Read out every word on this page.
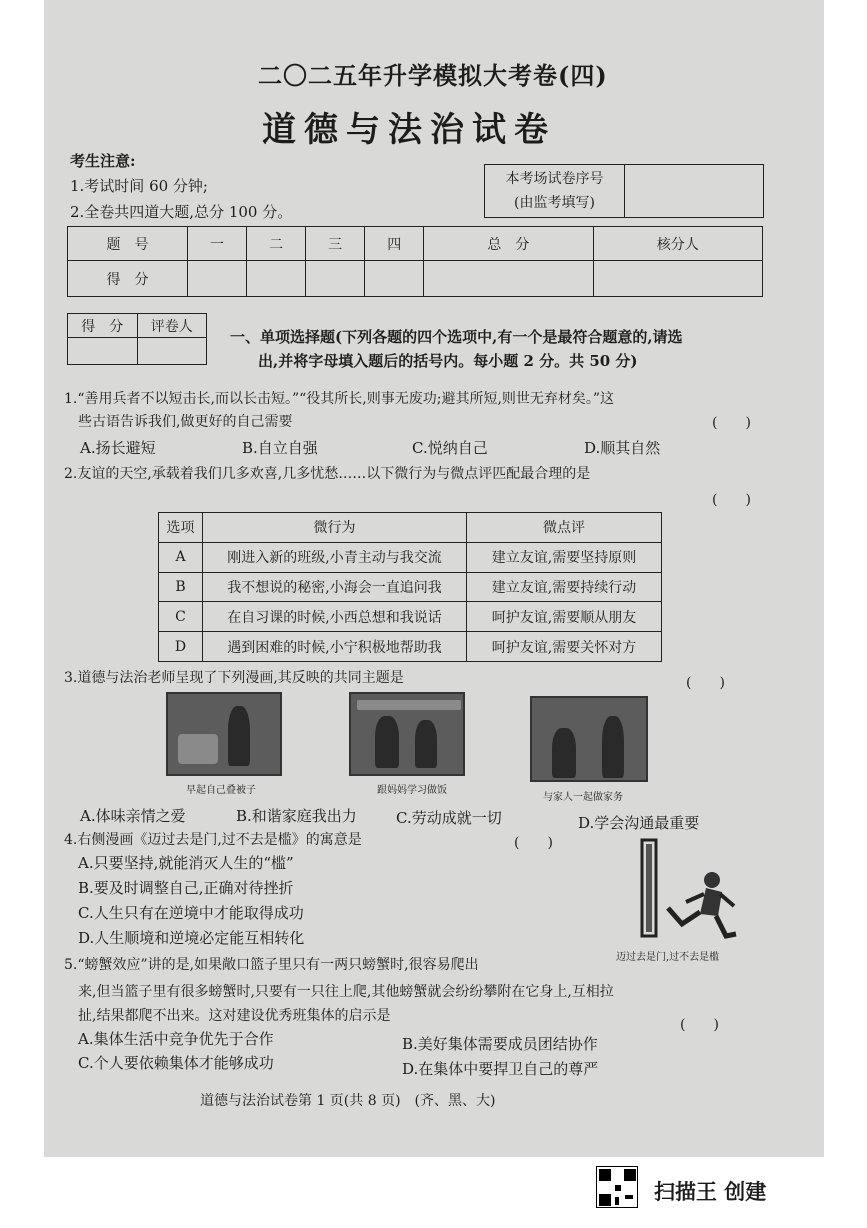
二〇二五年升学模拟大考卷(四)
道德与法治试卷
考生注意:
1.考试时间 60 分钟;
2.全卷共四道大题,总分 100 分。
本考场试卷序号
(由监考填写)

题　号	一	二	三	四	总　分	核分人
得　分						
得　分	评卷人

一、单项选择题(下列各题的四个选项中,有一个是最符合题意的,请选
出,并将字母填入题后的括号内。每小题 2 分。共 50 分)
1.“善用兵者不以短击长,而以长击短。”“役其所长,则事无废功;避其所短,则世无弃材矣。”这
些古语告诉我们,做更好的自己需要	(　　)
A.扬长避短	B.自立自强	C.悦纳自己	D.顺其自然
2.友谊的天空,承载着我们几多欢喜,几多忧愁……以下微行为与微点评匹配最合理的是
(　　)
选项	微行为	微点评
A	刚进入新的班级,小青主动与我交流	建立友谊,需要坚持原则
B	我不想说的秘密,小海会一直追问我	建立友谊,需要持续行动
C	在自习课的时候,小西总想和我说话	呵护友谊,需要顺从朋友
D	遇到困难的时候,小宁积极地帮助我	呵护友谊,需要关怀对方
3.道德与法治老师呈现了下列漫画,其反映的共同主题是	(　　)
早起自己叠被子	跟妈妈学习做饭
与家人一起做家务
A.体味亲情之爱	B.和谐家庭我出力	C.劳动成就一切	D.学会沟通最重要
4.右侧漫画《迈过去是门,过不去是槛》的寓意是	(　　)
A.只要坚持,就能消灭人生的“槛”
B.要及时调整自己,正确对待挫折
C.人生只有在逆境中才能取得成功
D.人生顺境和逆境必定能互相转化
迈过去是门,过不去是槛
5.“螃蟹效应”讲的是,如果敞口篮子里只有一两只螃蟹时,很容易爬出
来,但当篮子里有很多螃蟹时,只要有一只往上爬,其他螃蟹就会纷纷攀附在它身上,互相拉
扯,结果都爬不出来。这对建设优秀班集体的启示是
(　　)
A.集体生活中竞争优先于合作	B.美好集体需要成员团结协作
C.个人要依赖集体才能够成功	D.在集体中要捍卫自己的尊严
道德与法治试卷第 1 页(共 8 页)　(齐、黑、大)
扫描王 创建
